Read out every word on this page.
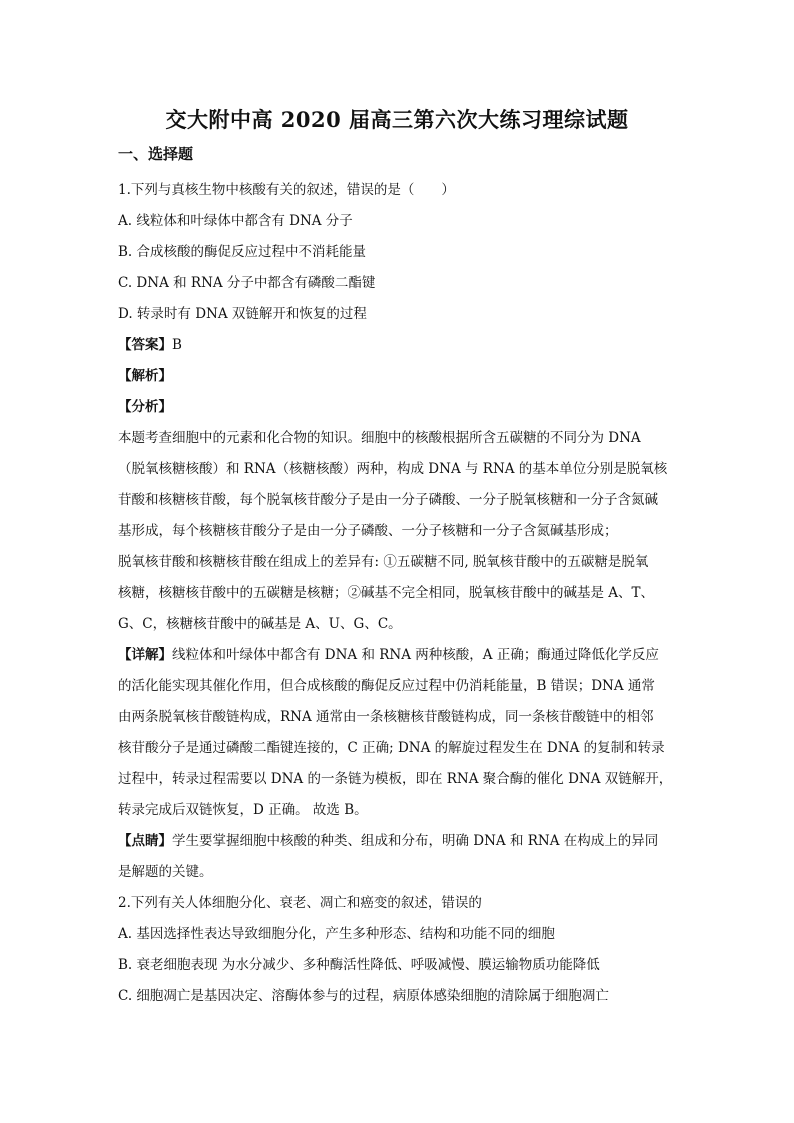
交大附中高 2020 届高三第六次大练习理综试题
一、选择题
1.下列与真核生物中核酸有关的叙述，错误的是（　　）
A. 线粒体和叶绿体中都含有 DNA 分子
B. 合成核酸的酶促反应过程中不消耗能量
C. DNA 和 RNA 分子中都含有磷酸二酯键
D. 转录时有 DNA 双链解开和恢复的过程
【答案】B
【解析】
【分析】
本题考查细胞中的元素和化合物的知识。细胞中的核酸根据所含五碳糖的不同分为 DNA
（脱氧核糖核酸）和 RNA（核糖核酸）两种，构成 DNA 与 RNA 的基本单位分别是脱氧核
苷酸和核糖核苷酸，每个脱氧核苷酸分子是由一分子磷酸、一分子脱氧核糖和一分子含氮碱
基形成，每个核糖核苷酸分子是由一分子磷酸、一分子核糖和一分子含氮碱基形成；
脱氧核苷酸和核糖核苷酸在组成上的差异有: ①五碳糖不同, 脱氧核苷酸中的五碳糖是脱氧
核糖，核糖核苷酸中的五碳糖是核糖；②碱基不完全相同，脱氧核苷酸中的碱基是 A、T、
G、C，核糖核苷酸中的碱基是 A、U、G、C。
【详解】线粒体和叶绿体中都含有 DNA 和 RNA 两种核酸，A 正确；酶通过降低化学反应
的活化能实现其催化作用，但合成核酸的酶促反应过程中仍消耗能量，B 错误；DNA 通常
由两条脱氧核苷酸链构成，RNA 通常由一条核糖核苷酸链构成，同一条核苷酸链中的相邻
核苷酸分子是通过磷酸二酯键连接的，C 正确; DNA 的解旋过程发生在 DNA 的复制和转录
过程中，转录过程需要以 DNA 的一条链为模板，即在 RNA 聚合酶的催化 DNA 双链解开，
转录完成后双链恢复，D 正确。 故选 B。
【点睛】学生要掌握细胞中核酸的种类、组成和分布，明确 DNA 和 RNA 在构成上的异同
是解题的关键。
2.下列有关人体细胞分化、衰老、凋亡和癌变的叙述，错误的
A. 基因选择性表达导致细胞分化，产生多种形态、结构和功能不同的细胞
B. 衰老细胞表现 为水分减少、多种酶活性降低、呼吸减慢、膜运输物质功能降低
C. 细胞凋亡是基因决定、溶酶体参与的过程，病原体感染细胞的清除属于细胞凋亡
